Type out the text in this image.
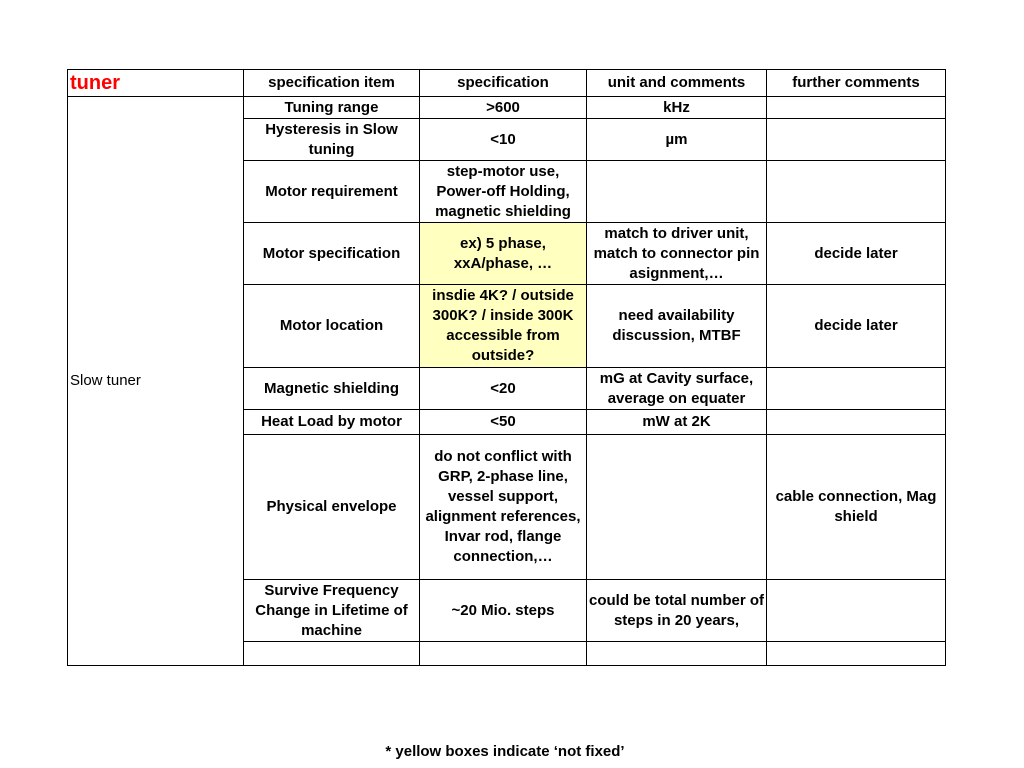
tuner	specification item	specification	unit and comments	further comments
Slow tuner	Tuning range	>600	kHz	
	Hysteresis in Slow tuning	<10	µm	
	Motor requirement	step-motor use, Power-off Holding, magnetic shielding		
	Motor specification	ex) 5 phase, xxA/phase, …	match to driver unit, match to connector pin asignment,…	decide later
	Motor location	insdie 4K? / outside 300K? / inside 300K accessible from outside?	need availability discussion, MTBF	decide later
	Magnetic shielding	<20	mG at Cavity surface, average on equater	
	Heat Load by motor	<50	mW at 2K	
	Physical envelope	do not conflict with GRP, 2-phase line, vessel support, alignment references, Invar rod, flange connection,…		cable connection, Mag shield
	Survive Frequency Change in Lifetime of machine	~20 Mio. steps	could be total number of steps in 20 years,	

* yellow boxes indicate ‘not fixed’
